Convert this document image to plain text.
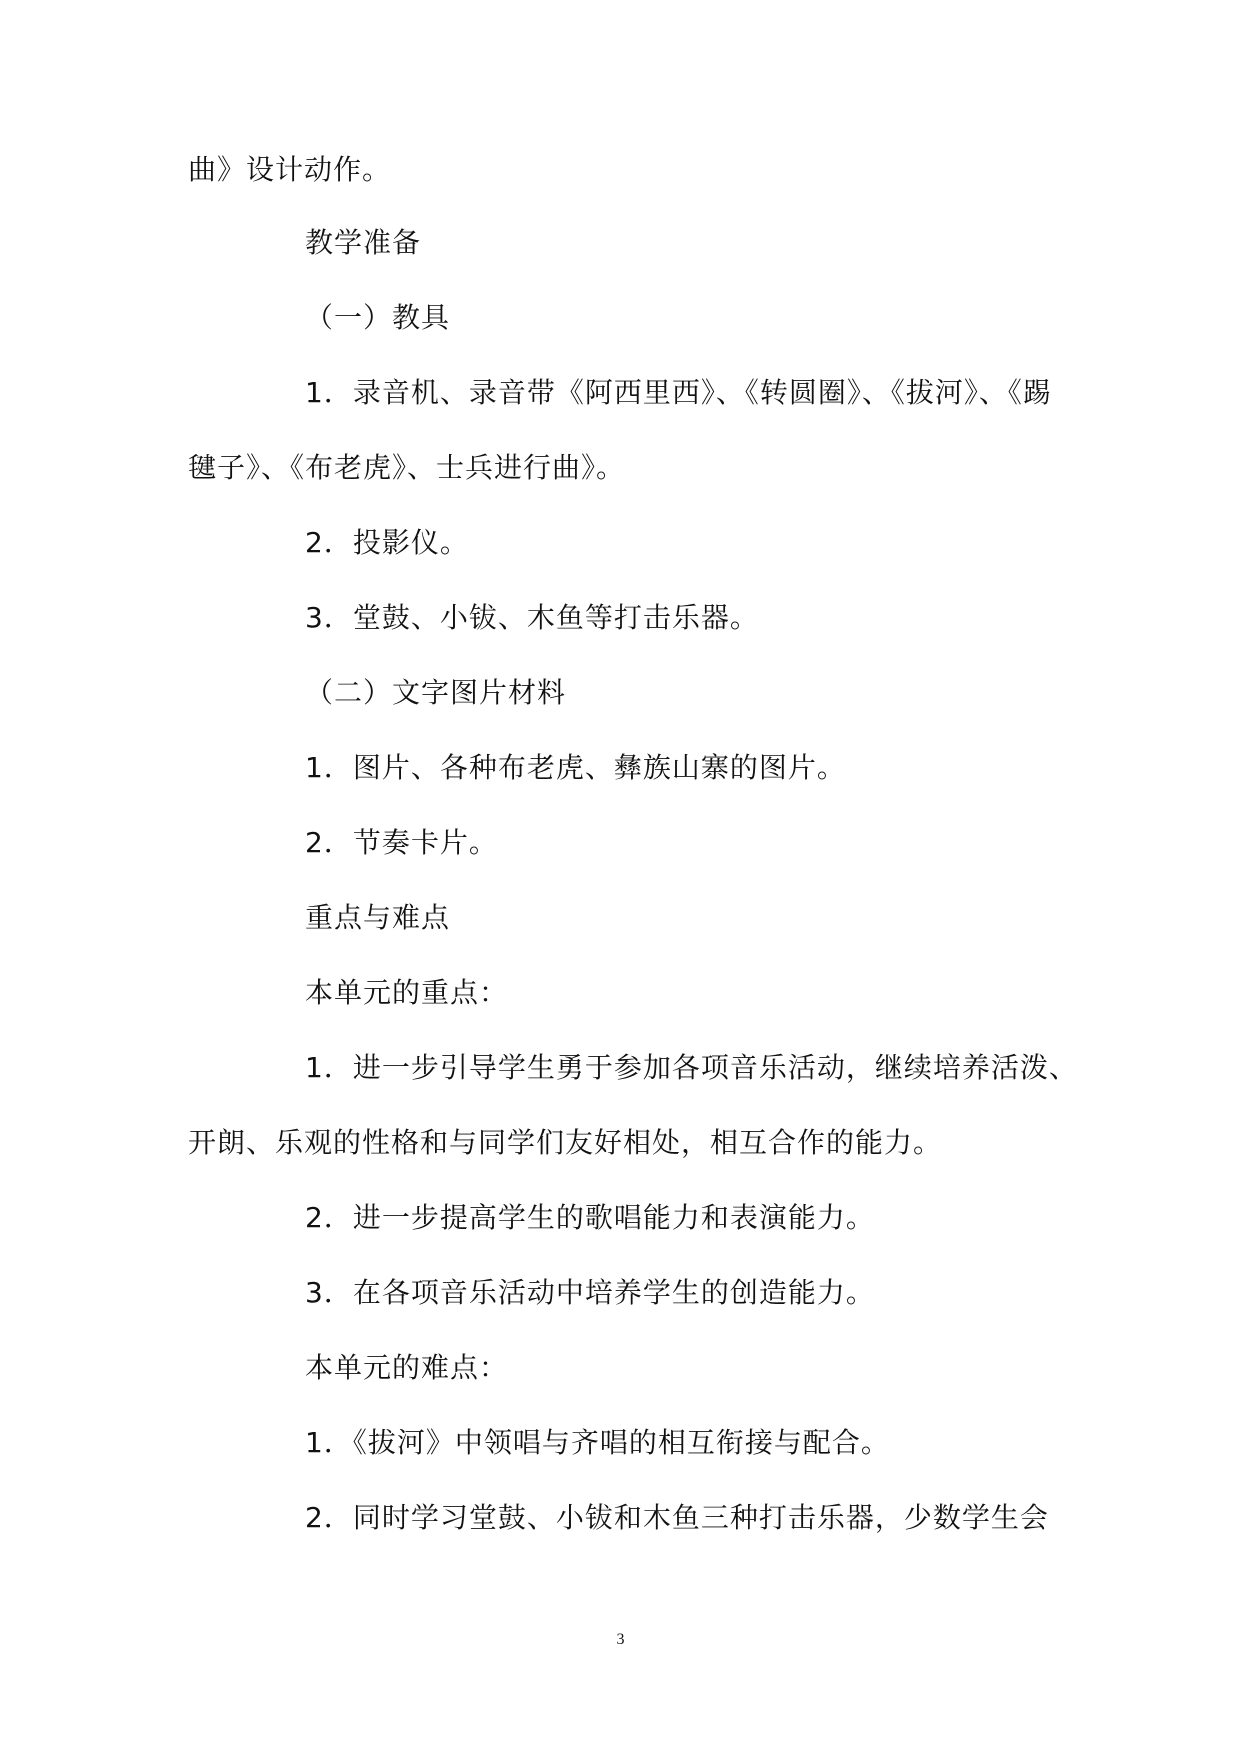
曲》设计动作。
教学准备
（一）教具
1．录音机、录音带《阿西里西》、《转圆圈》、《拔河》、《踢
毽子》、《布老虎》、士兵进行曲》。
2．投影仪。
3．堂鼓、小钹、木鱼等打击乐器。
（二）文字图片材料
1．图片、各种布老虎、彝族山寨的图片。
2．节奏卡片。
重点与难点
本单元的重点：
1．进一步引导学生勇于参加各项音乐活动，继续培养活泼、
开朗、乐观的性格和与同学们友好相处，相互合作的能力。
2．进一步提高学生的歌唱能力和表演能力。
3．在各项音乐活动中培养学生的创造能力。
本单元的难点：
1．《拔河》中领唱与齐唱的相互衔接与配合。
2．同时学习堂鼓、小钹和木鱼三种打击乐器，少数学生会
3
